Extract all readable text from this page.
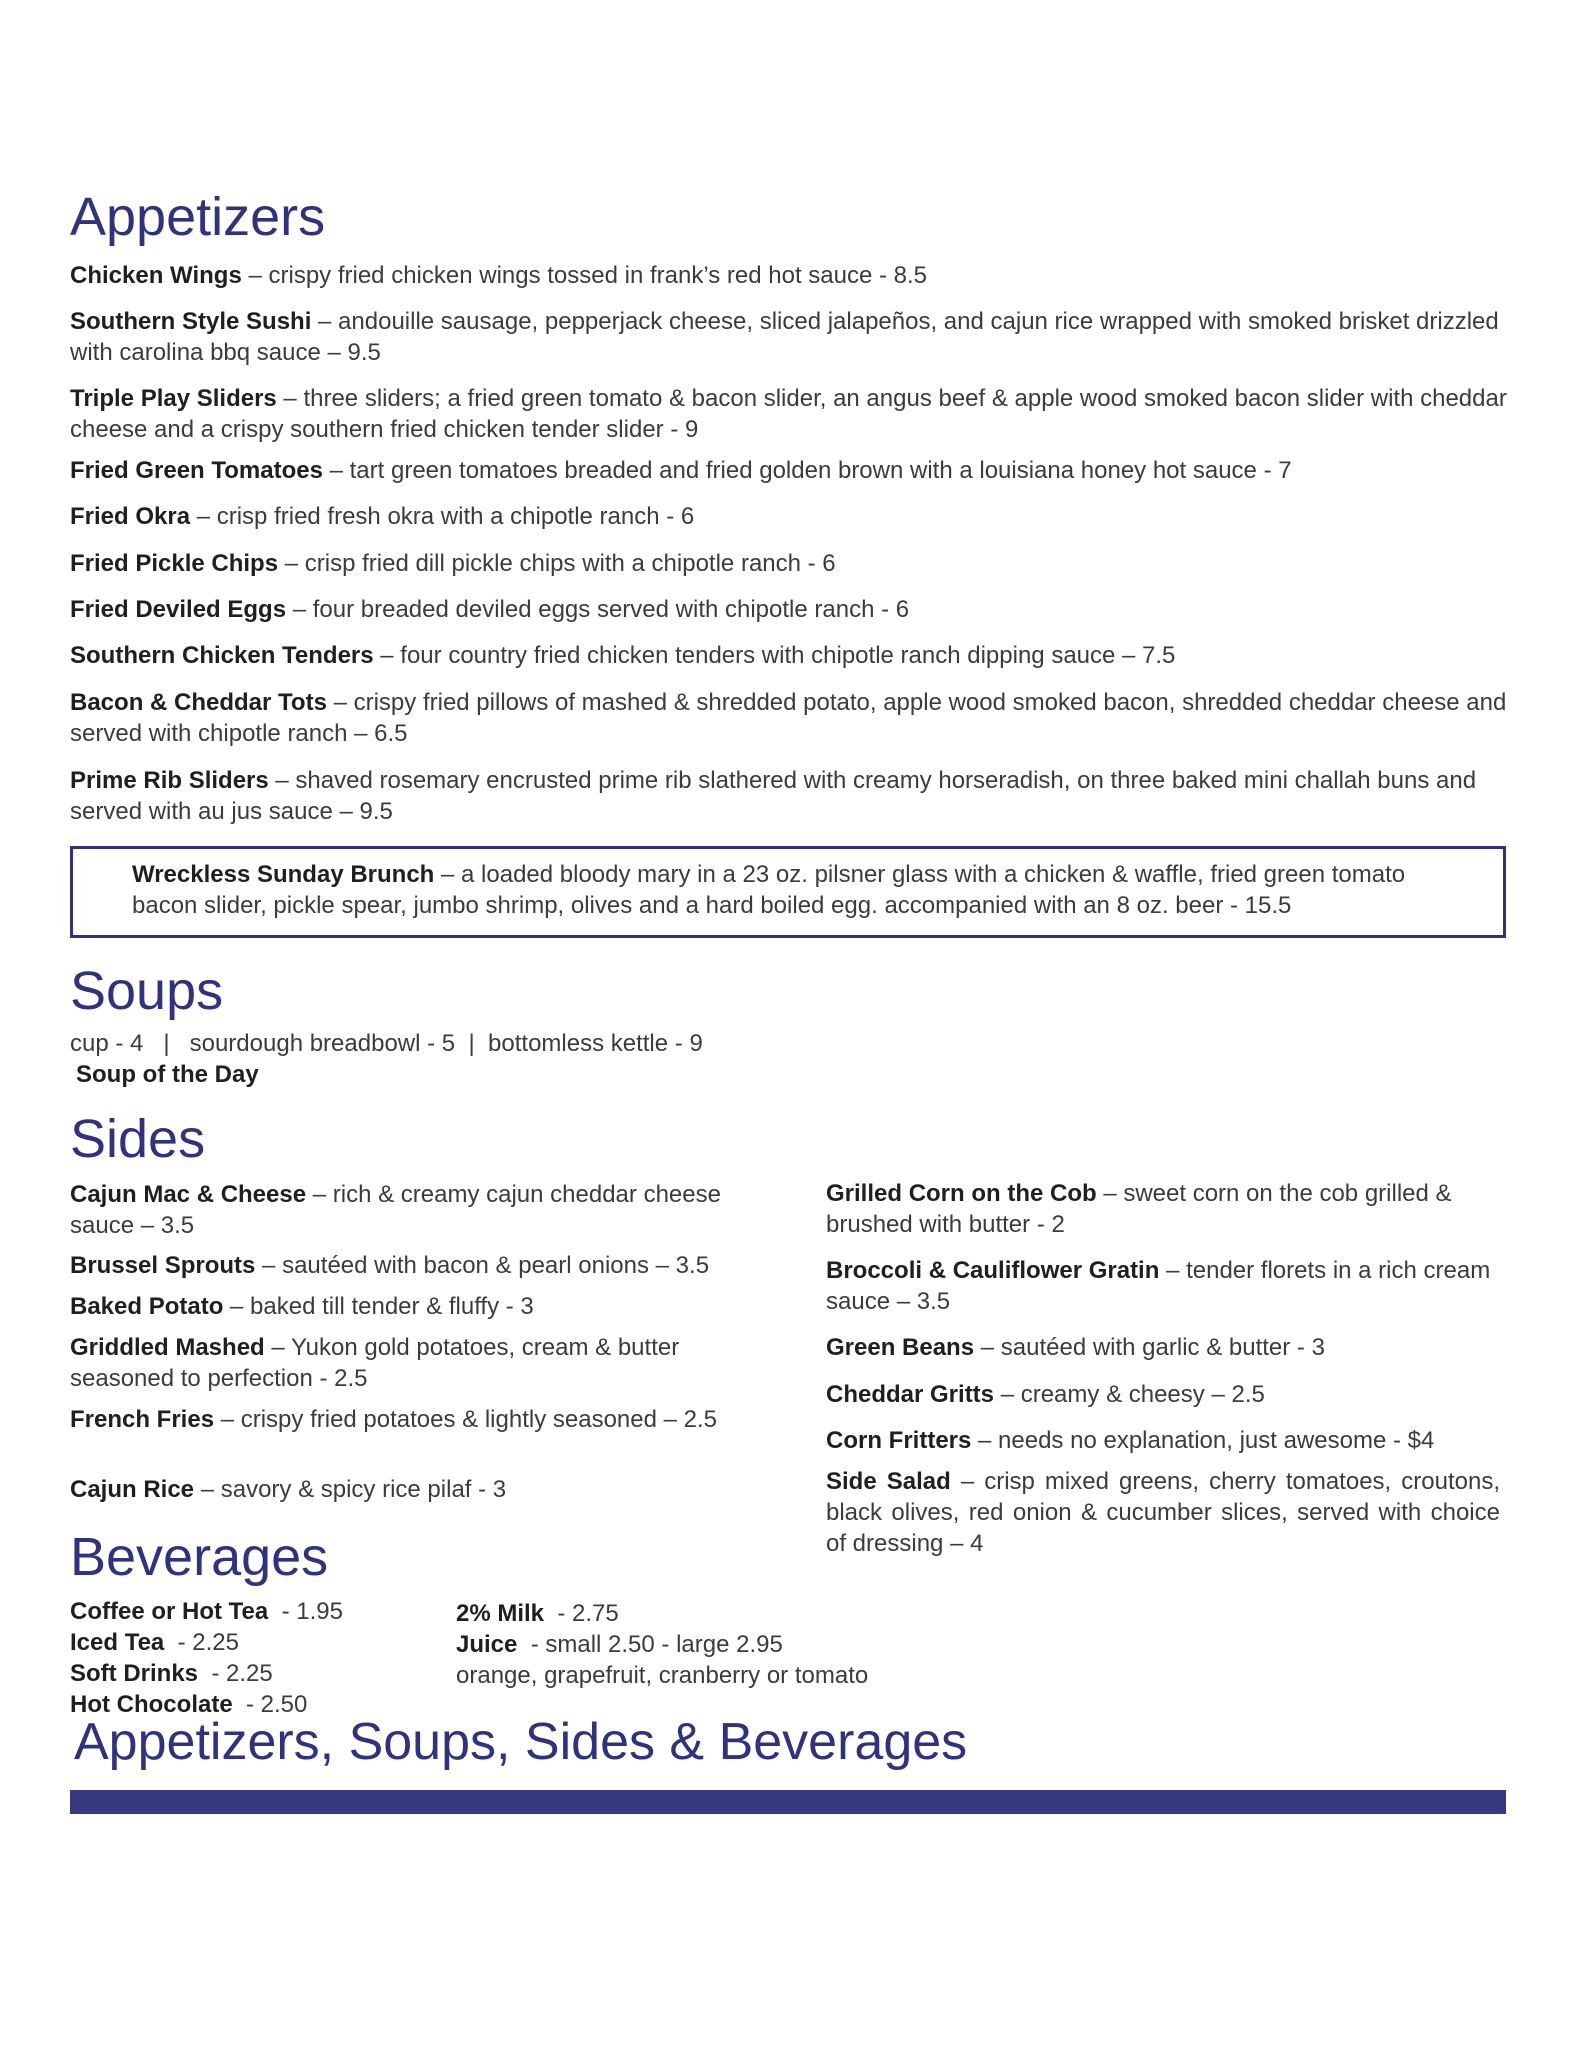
Appetizers
Chicken Wings – crispy fried chicken wings tossed in frank’s red hot sauce - 8.5
Southern Style Sushi – andouille sausage, pepperjack cheese, sliced jalapeños, and cajun rice wrapped with smoked brisket drizzled with carolina bbq sauce – 9.5
Triple Play Sliders – three sliders; a fried green tomato & bacon slider, an angus beef & apple wood smoked bacon slider with cheddar cheese and a crispy southern fried chicken tender slider - 9
Fried Green Tomatoes – tart green tomatoes breaded and fried golden brown with a louisiana honey hot sauce - 7
Fried Okra – crisp fried fresh okra with a chipotle ranch - 6
Fried Pickle Chips – crisp fried dill pickle chips with a chipotle ranch - 6
Fried Deviled Eggs – four breaded deviled eggs served with chipotle ranch - 6
Southern Chicken Tenders – four country fried chicken tenders with chipotle ranch dipping sauce – 7.5
Bacon & Cheddar Tots – crispy fried pillows of mashed & shredded potato, apple wood smoked bacon, shredded cheddar cheese and served with chipotle ranch – 6.5
Prime Rib Sliders – shaved rosemary encrusted prime rib slathered with creamy horseradish, on three baked mini challah buns and served with au jus sauce – 9.5
Wreckless Sunday Brunch – a loaded bloody mary in a 23 oz. pilsner glass with a chicken & waffle, fried green tomato bacon slider, pickle spear, jumbo shrimp, olives and a hard boiled egg. accompanied with an 8 oz. beer - 15.5
Soups
cup - 4   |   sourdough breadbowl - 5  |  bottomless kettle - 9
Soup of the Day
Sides
Cajun Mac & Cheese – rich & creamy cajun cheddar cheese sauce – 3.5
Brussel Sprouts – sautéed with bacon & pearl onions – 3.5
Baked Potato – baked till tender & fluffy - 3
Griddled Mashed – Yukon gold potatoes, cream & butter seasoned to perfection - 2.5
French Fries – crispy fried potatoes & lightly seasoned – 2.5
Cajun Rice – savory & spicy rice pilaf - 3
Grilled Corn on the Cob – sweet corn on the cob grilled & brushed with butter - 2
Broccoli & Cauliflower Gratin – tender florets in a rich cream sauce – 3.5
Green Beans – sautéed with garlic & butter - 3
Cheddar Gritts – creamy & cheesy – 2.5
Corn Fritters – needs no explanation, just awesome - $4
Side Salad – crisp mixed greens, cherry tomatoes, croutons, black olives, red onion & cucumber slices, served with choice of dressing – 4
Beverages
Coffee or Hot Tea  - 1.95
Iced Tea  - 2.25
Soft Drinks  - 2.25
Hot Chocolate  - 2.50
2% Milk  - 2.75
Juice  - small 2.50 - large 2.95
orange, grapefruit, cranberry or tomato
Appetizers, Soups, Sides & Beverages
